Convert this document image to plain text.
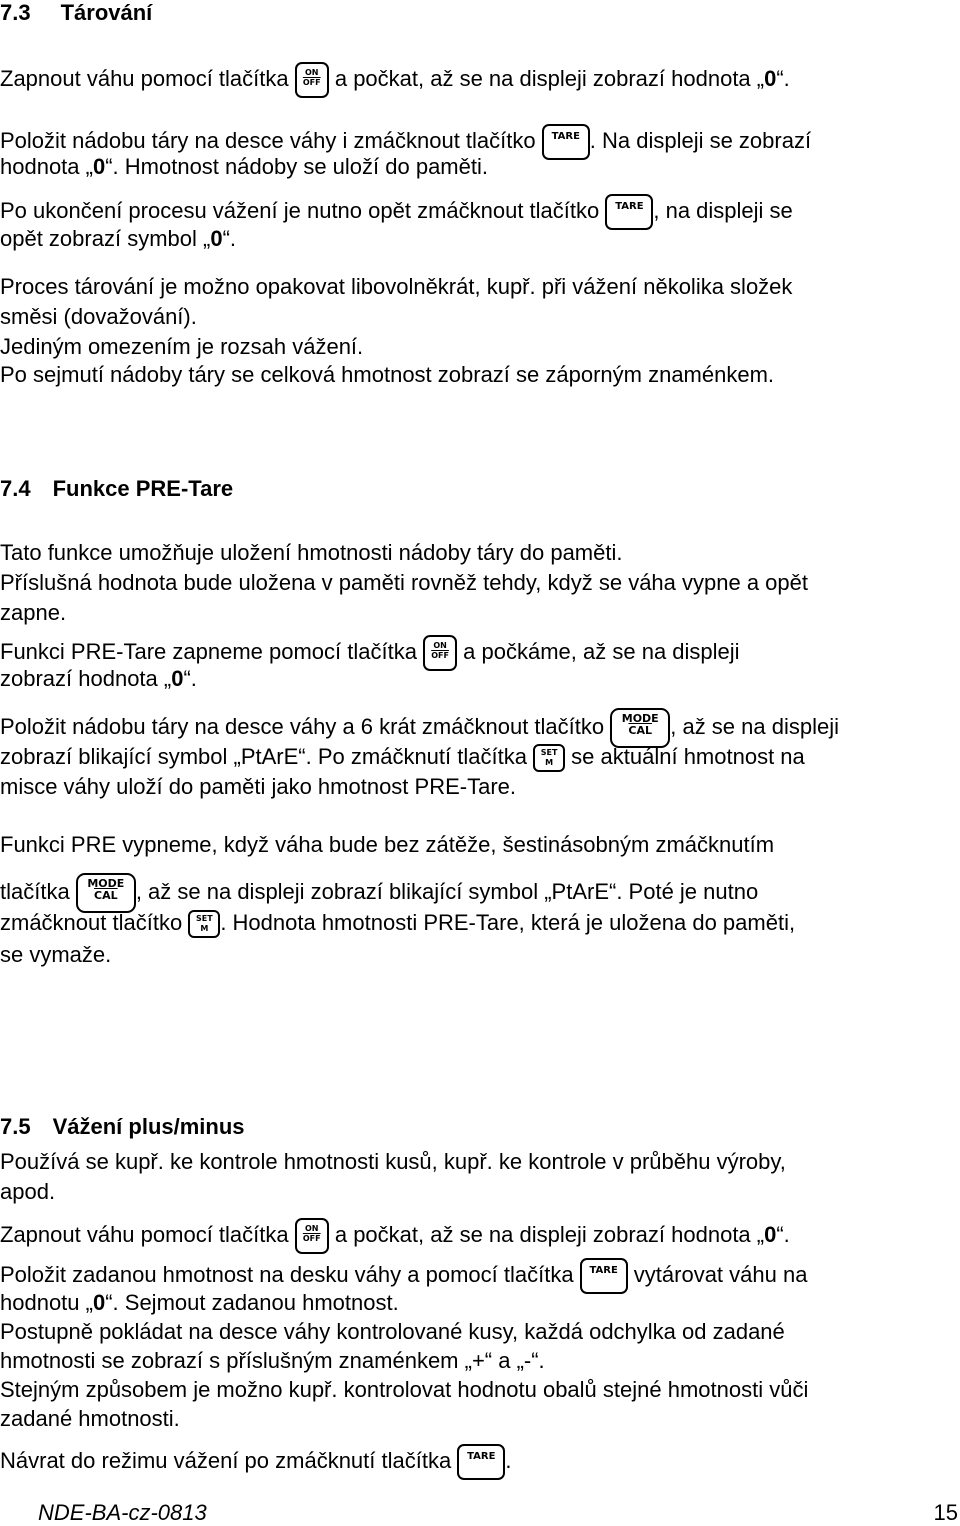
7.3 Tárování
Zapnout váhu pomocí tlačítka ON
$\overline{OFF}$ a počkat, až se na displeji zobrazí hodnota „0“.
Položit nádobu táry na desce váhy i zmáčknout tlačítko TARE . Na displeji se zobrazí
hodnota „0“. Hmotnost nádoby se uloží do paměti.
Po ukončení procesu vážení je nutno opět zmáčknout tlačítko TARE , na displeji se
opět zobrazí symbol „0“.
Proces tárování je možno opakovat libovolněkrát, kupř. při vážení několika složek
směsi (dovažování).
Jediným omezením je rozsah vážení.
Po sejmutí nádoby táry se celková hmotnost zobrazí se záporným znaménkem.
7.4 Funkce PRE-Tare
Tato funkce umožňuje uložení hmotnosti nádoby táry do paměti.
Příslušná hodnota bude uložena v paměti rovněž tehdy, když se váha vypne a opět
zapne.
Funkci PRE-Tare zapneme pomocí tlačítka ON
$\overline{OFF}$ a počkáme, až se na displeji
zobrazí hodnota „0“.
Položit nádobu táry na desce váhy a 6 krát zmáčknout tlačítko MODE
$\overline{CAL}$ , až se na displeji
zobrazí blikající symbol „PtArE“. Po zmáčknutí tlačítka SET
M se aktuální hmotnost na
misce váhy uloží do paměti jako hmotnost PRE-Tare.
Funkci PRE vypneme, když váha bude bez zátěže, šestinásobným zmáčknutím
tlačítka MODE
$\overline{CAL}$ , až se na displeji zobrazí blikající symbol „PtArE“. Poté je nutno
zmáčknout tlačítko SET
M . Hodnota hmotnosti PRE-Tare, která je uložena do paměti,
se vymaže.
7.5 Vážení plus/minus
Používá se kupř. ke kontrole hmotnosti kusů, kupř. ke kontrole v průběhu výroby,
apod.
Zapnout váhu pomocí tlačítka ON
$\overline{OFF}$ a počkat, až se na displeji zobrazí hodnota „0“.
Položit zadanou hmotnost na desku váhy a pomocí tlačítka TARE vytárovat váhu na
hodnotu „0“. Sejmout zadanou hmotnost.
Postupně pokládat na desce váhy kontrolované kusy, každá odchylka od zadané
hmotnosti se zobrazí s příslušným znaménkem „+“ a „-“.
Stejným způsobem je možno kupř. kontrolovat hodnotu obalů stejné hmotnosti vůči
zadané hmotnosti.
Návrat do režimu vážení po zmáčknutí tlačítka TARE .
NDE-BA-cz-0813	15
